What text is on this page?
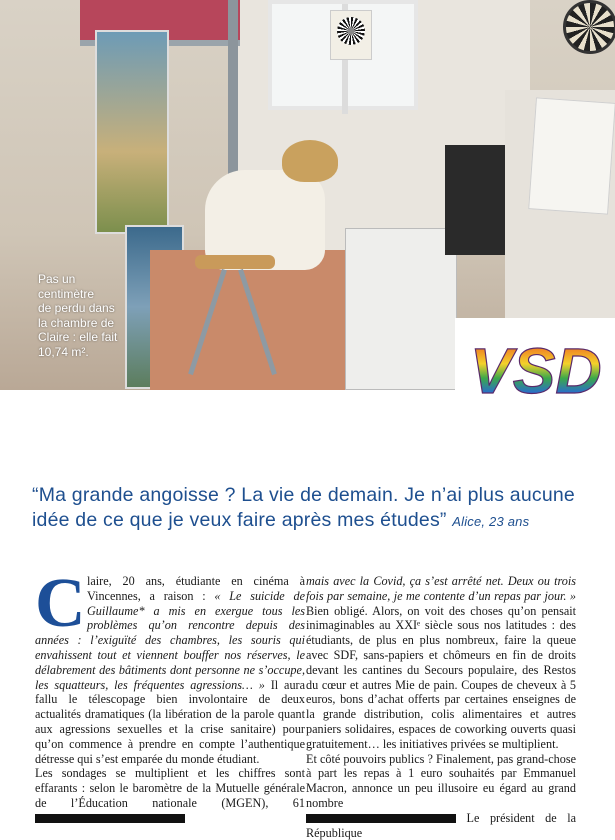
Pas un
centimètre
de perdu dans
la chambre de
Claire : elle fait
10,74 m².	VSD
“Ma grande angoisse ? La vie de demain. Je n’ai plus aucune idée de ce que je veux faire après mes études” Alice, 23 ans

Claire, 20 ans, étudiante en cinéma à Vincennes, a raison : « Le suicide de Guillaume* a mis en exergue tous les problèmes qu’on rencontre depuis des années : l’exiguïté des chambres, les souris qui envahissent tout et viennent bouffer nos réserves, le délabrement des bâtiments dont personne ne s’occupe, les squatteurs, les fréquentes agressions… » Il aura fallu le télescopage bien involontaire de deux actualités dramatiques (la libération de la parole quant aux agressions sexuelles et la crise sanitaire) pour qu’on commence à prendre en compte l’authentique détresse qui s’est emparée du monde étudiant.

Les sondages se multiplient et les chiffres sont effarants : selon le baromètre de la Mutuelle générale de l’Éducation nationale (MGEN), 61

mais avec la Covid, ça s’est arrêté net. Deux ou trois fois par semaine, je me contente d’un repas par jour. » Bien obligé. Alors, on voit des choses qu’on pensait inimaginables au XXIᵉ siècle sous nos latitudes : des étudiants, de plus en plus nombreux, faire la queue avec SDF, sans-papiers et chômeurs en fin de droits devant les cantines du Secours populaire, des Restos du cœur et autres Mie de pain. Coupes de cheveux à 5 euros, bons d’achat offerts par certaines enseignes de la grande distribution, colis alimentaires et autres paniers solidaires, espaces de coworking ouverts quasi gratuitement… les initiatives privées se multiplient.

Et côté pouvoirs publics ? Finalement, pas grand-chose à part les repas à 1 euro souhaités par Emmanuel Macron, annonce un peu illusoire eu égard au grand nombre

Le président de la République
